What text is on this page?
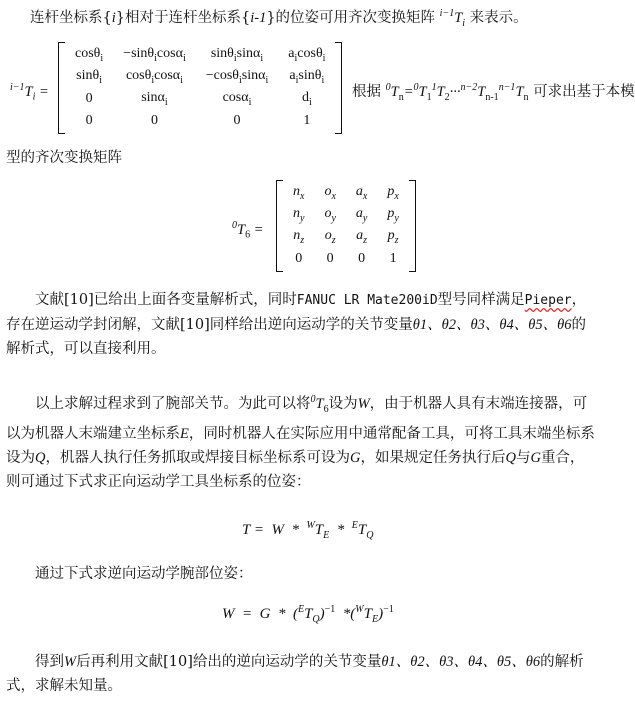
连杆坐标系{i}相对于连杆坐标系{i-1}的位姿可用齐次变换矩阵 $^{i-1}T_i$ 来表示。
$^{i-1}T_i$ =
cosθ$_i$	−sinθ$_i$cosα$_i$	sinθ$_i$sinα$_i$	$a_i\cos\theta_i$
sinθ$_i$	cosθ$_i$cosα$_i$	−cosθ$_i$sinα$_i$	$a_i\sin\theta_i$
0	sinα$_i$	cosα$_i$	$d_i$
0	0	0	1
根据 $^0T_n=^0T_1^1T_2\cdot\cdot\cdot^{n-2}T_{n-1}^{n-1}T_n$ 可求出基于本模
型的齐次变换矩阵
$^0T_6$ =
$n_x$	$o_x$	$a_x$	$p_x$
$n_y$	$o_y$	$a_y$	$p_y$
$n_z$	$o_z$	$a_z$	$p_z$
0	0	0	1
文献[10]已给出上面各变量解析式，同时FANUC LR Mate200iD型号同样满足Pieper，存在逆运动学封闭解，文献[10]同样给出逆向运动学的关节变量θ1、θ2、θ3、θ4、θ5、θ6的解析式，可以直接利用。
以上求解过程求到了腕部关节。为此可以将$^0T_6$设为W，由于机器人具有末端连接器，可以为机器人末端建立坐标系E，同时机器人在实际应用中通常配备工具，可将工具末端坐标系设为Q，机器人执行任务抓取或焊接目标坐标系可设为G，如果规定任务执行后Q与G重合，则可通过下式求正向运动学工具坐标系的位姿：
$T = W * ^WT_E * ^ET_Q$
通过下式求逆向运动学腕部位姿：
$W = G * (^ET_Q)^{-1}$  $*(^WT_E)^{-1}$
得到W后再利用文献[10]给出的逆向运动学的关节变量θ1、θ2、θ3、θ4、θ5、θ6的解析式，求解未知量。
